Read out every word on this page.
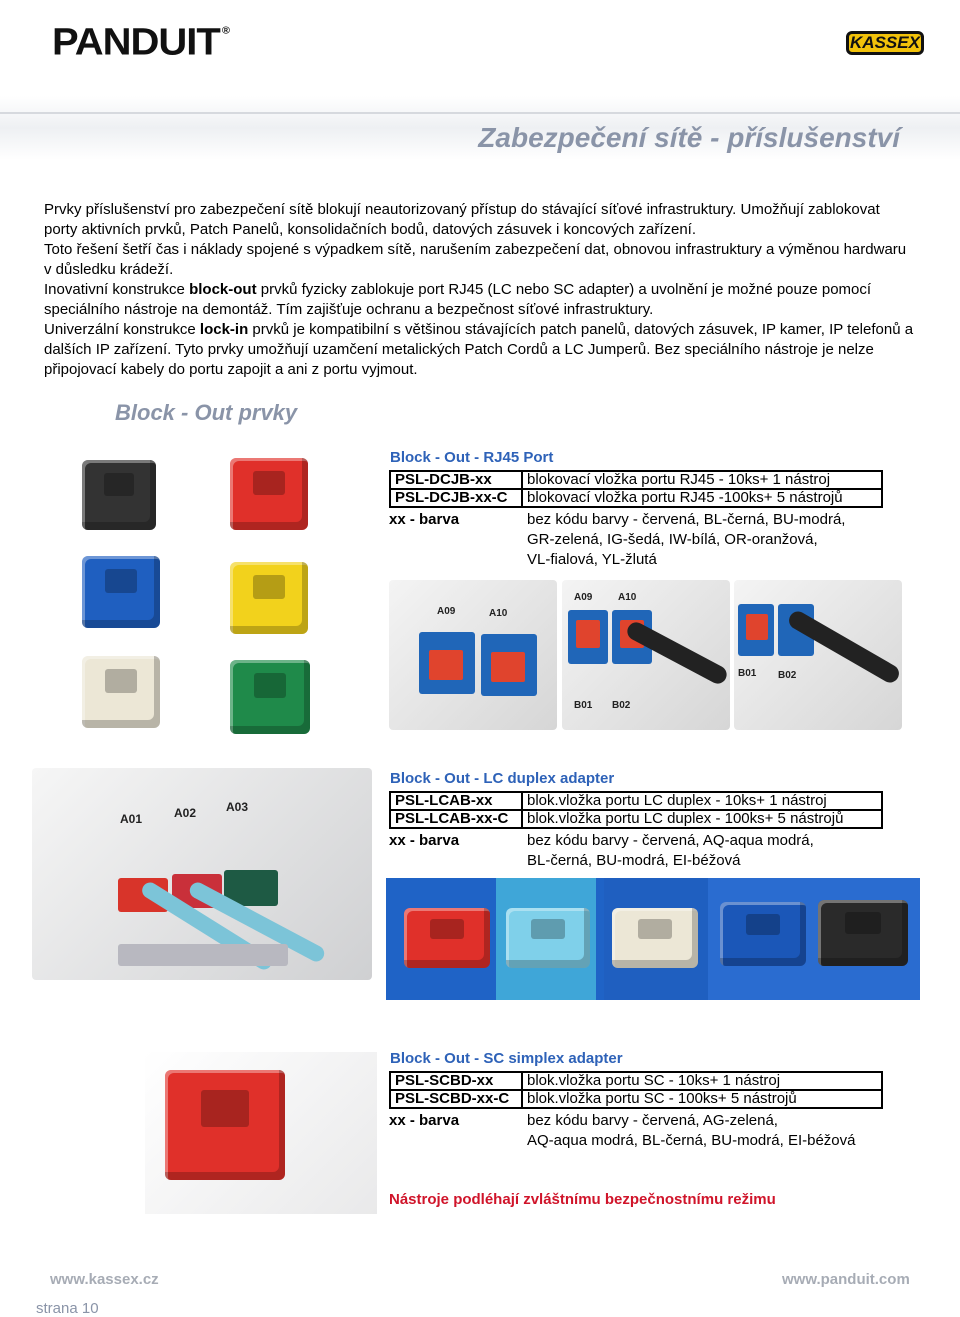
PANDUIT ®
KASSEX
Zabezpečení sítě - příslušenství

Prvky příslušenství pro zabezpečení sítě blokují neautorizovaný přístup do stávající síťové infrastruktury. Umožňují zablokovat porty aktivních prvků, Patch Panelů, konsolidačních bodů, datových zásuvek i koncových zařízení.

Toto řešení šetří čas i náklady spojené s výpadkem sítě, narušením zabezpečení dat, obnovou infrastruktury a výměnou hardwaru v důsledku krádeží.

Inovativní konstrukce block-out prvků fyzicky zablokuje port RJ45 (LC nebo SC adapter) a uvolnění je možné pouze pomocí speciálního nástroje na demontáž. Tím zajišťuje ochranu a bezpečnost síťové infrastruktury.

Univerzální konstrukce lock-in prvků je kompatibilní s většinou stávajících patch panelů, datových zásuvek, IP kamer, IP telefonů a dalších IP zařízení. Tyto prvky umožňují uzamčení metalických Patch Cordů a LC Jumperů. Bez speciálního nástroje je nelze připojovací kabely do portu zapojit a ani z portu vyjmout.

Block - Out prvky
Block - Out - RJ45 Port
PSL-DCJB-xx	blokovací vložka portu RJ45 - 10ks+ 1 nástroj
PSL-DCJB-xx-C	blokovací vložka portu RJ45 -100ks+ 5 nástrojů
xx - barva	bez kódu barvy - červená, BL-černá, BU-modrá,
GR-zelená, IG-šedá, IW-bílá, OR-oranžová,
VL-fialová, YL-žlutá
A09	A10
A09	A10
B01 B02
B01 B02
A01	A02 A03
Block - Out - LC duplex adapter
PSL-LCAB-xx	blok.vložka portu LC duplex - 10ks+ 1 nástroj
PSL-LCAB-xx-C	blok.vložka portu LC duplex - 100ks+ 5 nástrojů
xx - barva	bez kódu barvy - červená, AQ-aqua modrá,
BL-černá, BU-modrá, EI-béžová
Block - Out - SC simplex adapter
PSL-SCBD-xx	blok.vložka portu SC - 10ks+ 1 nástroj
PSL-SCBD-xx-C	blok.vložka portu SC - 100ks+ 5 nástrojů
xx - barva	bez kódu barvy - červená, AG-zelená,
AQ-aqua modrá, BL-černá, BU-modrá, EI-béžová
Nástroje podléhají zvláštnímu bezpečnostnímu režimu
www.kassex.cz	www.panduit.com
strana 10
